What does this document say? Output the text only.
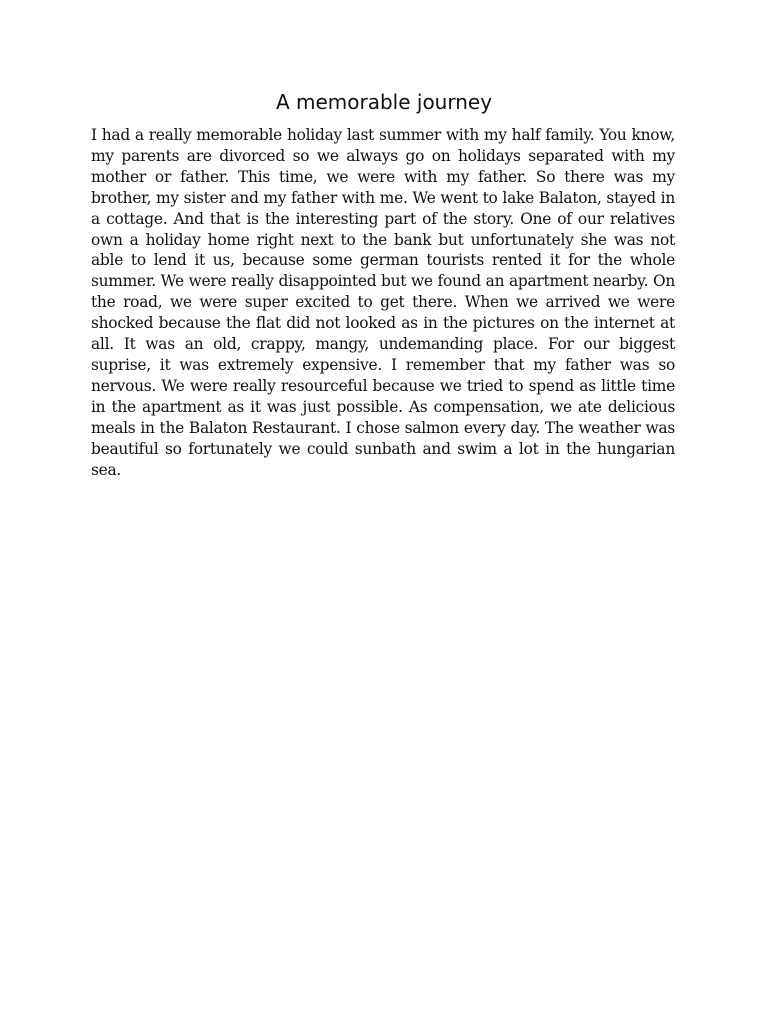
A memorable journey

I had a really memorable holiday last summer with my half family. You know, my parents are divorced so we always go on holidays separated with my mother or father. This time, we were with my father. So there was my brother, my sister and my father with me. We went to lake Balaton, stayed in a cottage. And that is the interesting part of the story. One of our relatives own a holiday home right next to the bank but unfortunately she was not able to lend it us, because some german tourists rented it for the whole summer. We were really disappointed but we found an apartment nearby. On the road, we were super excited to get there. When we arrived we were shocked because the flat did not looked as in the pictures on the internet at all. It was an old, crappy, mangy, undemanding place. For our biggest suprise, it was extremely expensive. I remember that my father was so nervous. We were really resourceful because we tried to spend as little time in the apartment as it was just possible. As compensation, we ate delicious meals in the Balaton Restaurant. I chose salmon every day. The weather was beautiful so fortunately we could sunbath and swim a lot in the hungarian sea.
